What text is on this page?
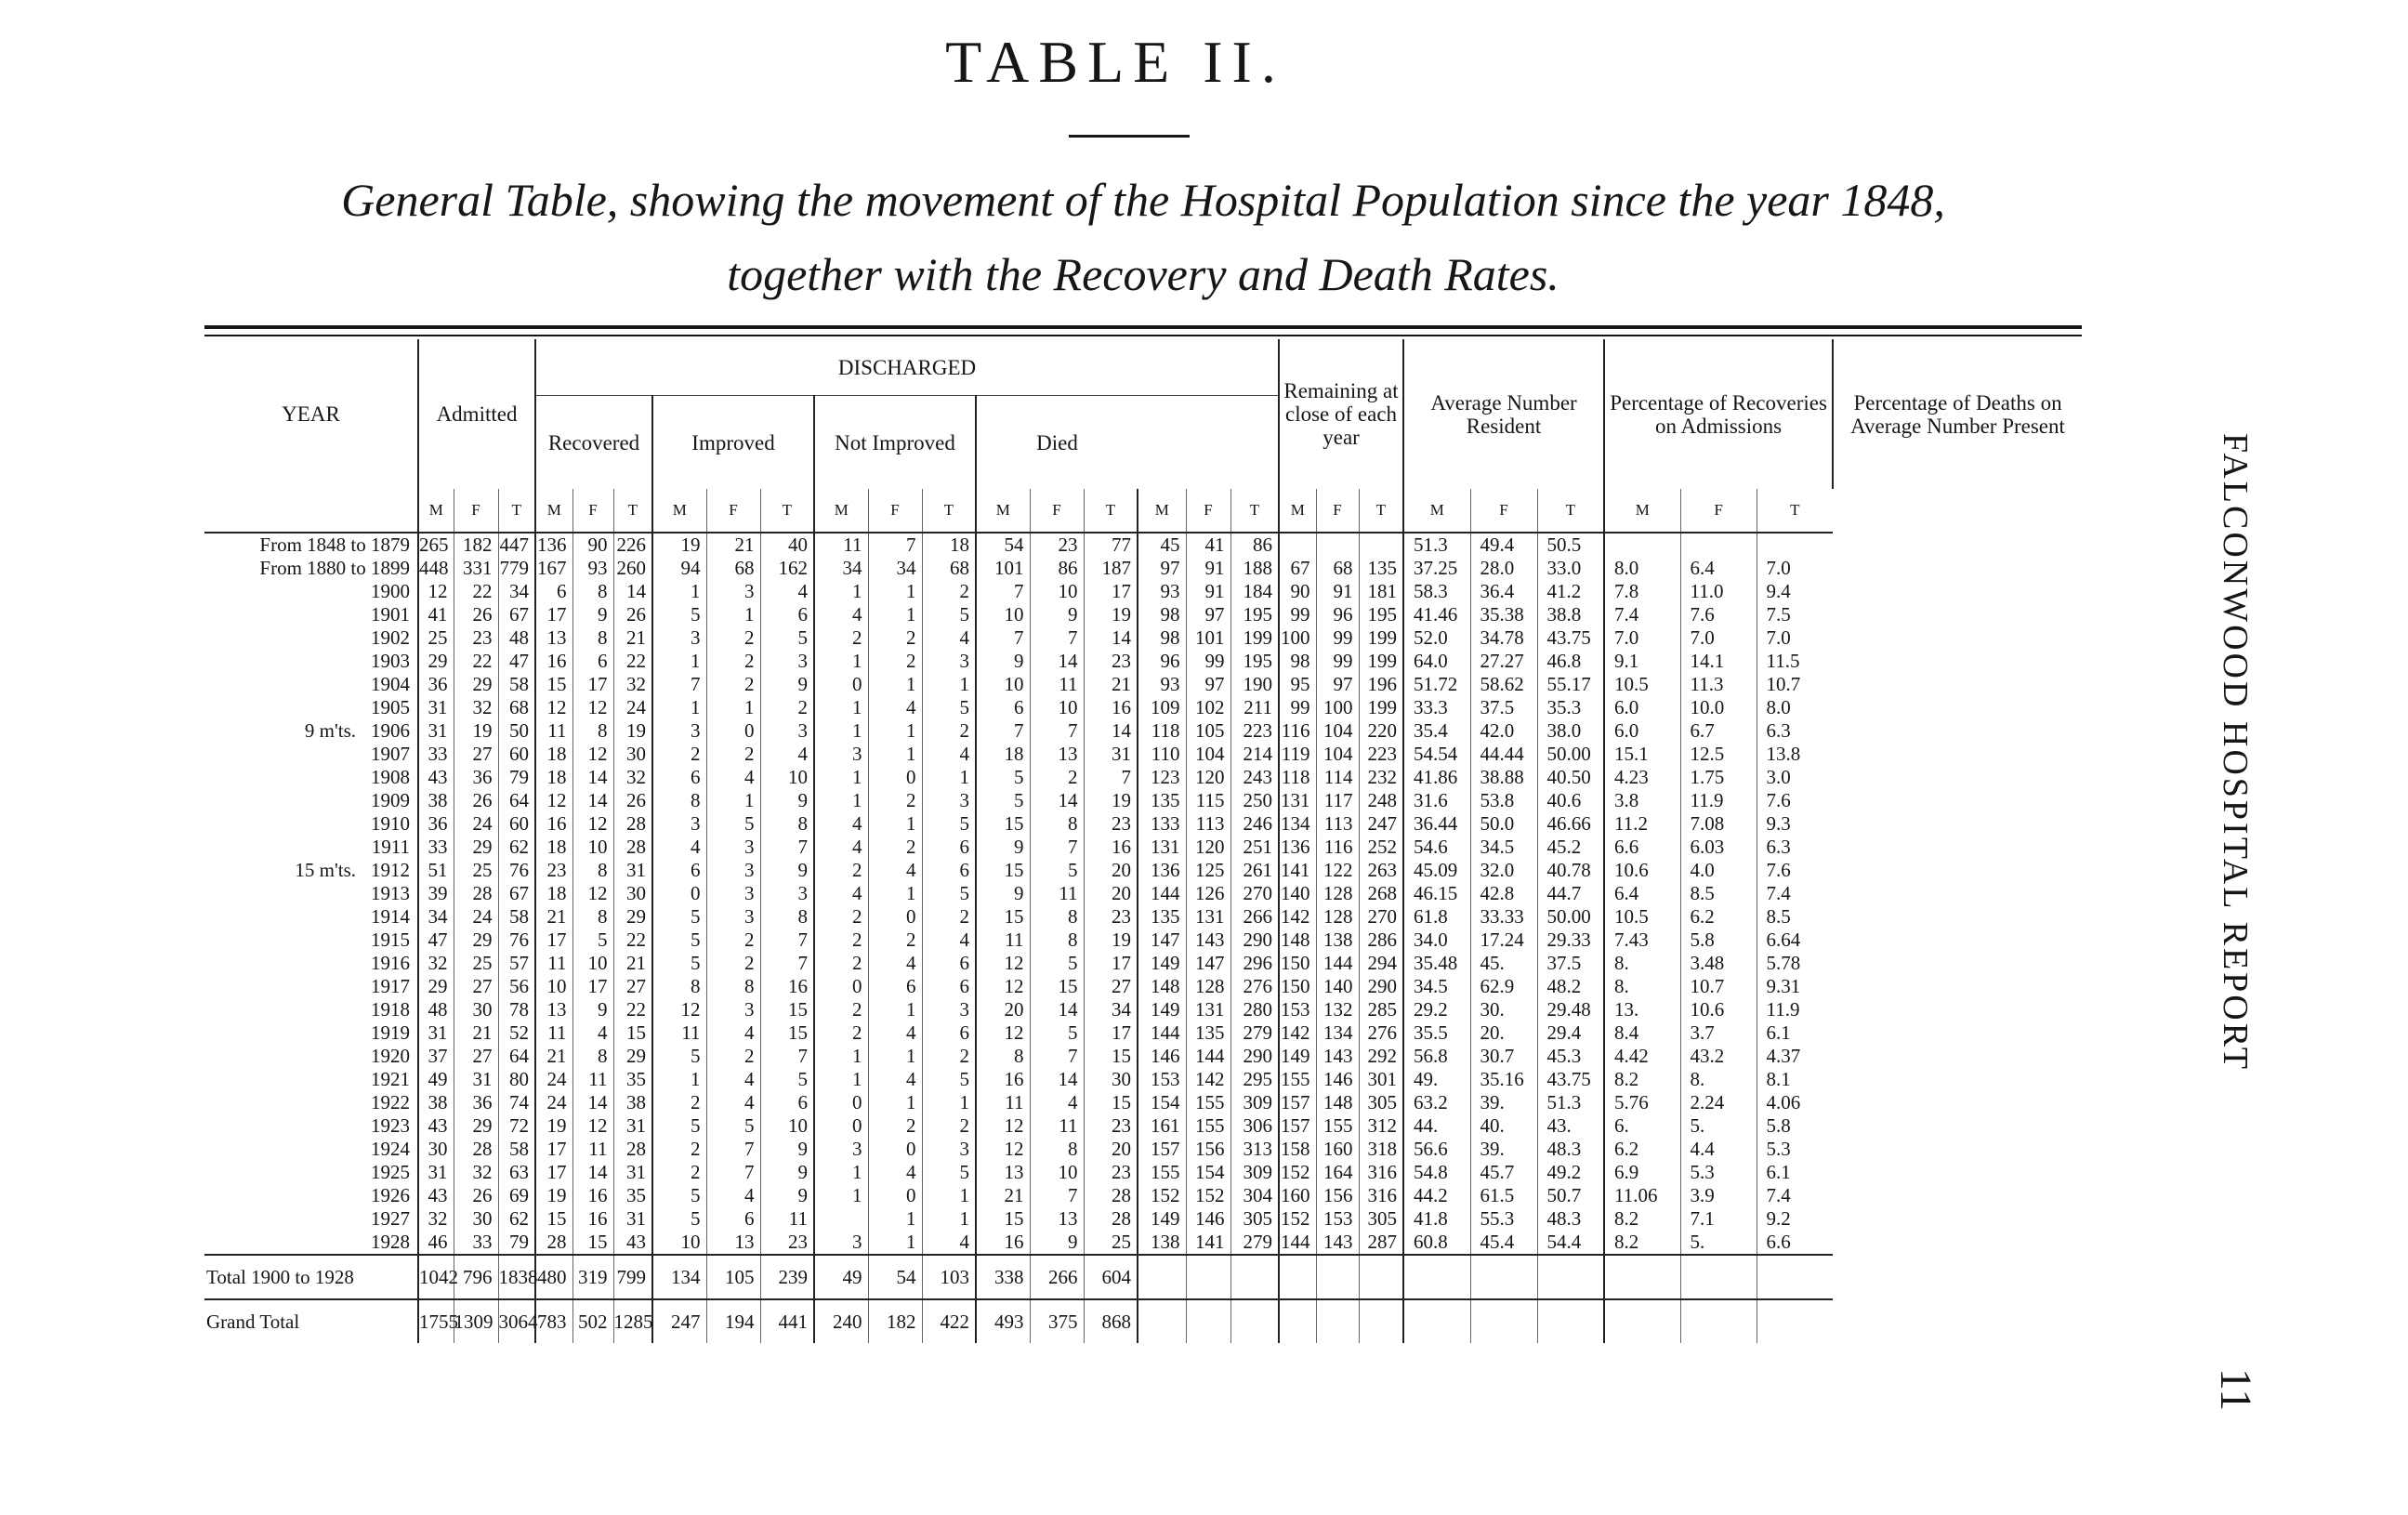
TABLE II.
General Table, showing the movement of the Hospital Population since the year 1848,
together with the Recovery and Death Rates.
FALCONWOOD HOSPITAL REPORT
11
YEAR	Admitted			DISCHARGED															Remaining at close of each year			Average Number Resident			Percentage of Recoveries on Admissions			Percentage of Deaths on Average Number Present
				Recovered			Improved			Not Improved			Died															
	M	F	T	M	F	T	M	F	T	M	F	T	M	F	T	M	F	T	M	F	T	M	F	T	M	F	T	
From 1848 to 1879	265	182	447	136	90	226	19	21	40	11	7	18	54	23	77	45	41	86				51.3	49.4	50.5				
From 1880 to 1899	448	331	779	167	93	260	94	68	162	34	34	68	101	86	187	97	91	188	67	68	135	37.25	28.0	33.0	8.0	6.4	7.0	
1900	12	22	34	6	8	14	1	3	4	1	1	2	7	10	17	93	91	184	90	91	181	58.3	36.4	41.2	7.8	11.0	9.4	
1901	41	26	67	17	9	26	5	1	6	4	1	5	10	9	19	98	97	195	99	96	195	41.46	35.38	38.8	7.4	7.6	7.5	
1902	25	23	48	13	8	21	3	2	5	2	2	4	7	7	14	98	101	199	100	99	199	52.0	34.78	43.75	7.0	7.0	7.0	
1903	29	22	47	16	6	22	1	2	3	1	2	3	9	14	23	96	99	195	98	99	199	64.0	27.27	46.8	9.1	14.1	11.5	
1904	36	29	58	15	17	32	7	2	9	0	1	1	10	11	21	93	97	190	95	97	196	51.72	58.62	55.17	10.5	11.3	10.7	
1905	31	32	68	12	12	24	1	1	2	1	4	5	6	10	16	109	102	211	99	100	199	33.3	37.5	35.3	6.0	10.0	8.0	
9 m'ts. 1906	31	19	50	11	8	19	3	0	3	1	1	2	7	7	14	118	105	223	116	104	220	35.4	42.0	38.0	6.0	6.7	6.3	
1907	33	27	60	18	12	30	2	2	4	3	1	4	18	13	31	110	104	214	119	104	223	54.54	44.44	50.00	15.1	12.5	13.8	
1908	43	36	79	18	14	32	6	4	10	1	0	1	5	2	7	123	120	243	118	114	232	41.86	38.88	40.50	4.23	1.75	3.0	
1909	38	26	64	12	14	26	8	1	9	1	2	3	5	14	19	135	115	250	131	117	248	31.6	53.8	40.6	3.8	11.9	7.6	
1910	36	24	60	16	12	28	3	5	8	4	1	5	15	8	23	133	113	246	134	113	247	36.44	50.0	46.66	11.2	7.08	9.3	
1911	33	29	62	18	10	28	4	3	7	4	2	6	9	7	16	131	120	251	136	116	252	54.6	34.5	45.2	6.6	6.03	6.3	
15 m'ts. 1912	51	25	76	23	8	31	6	3	9	2	4	6	15	5	20	136	125	261	141	122	263	45.09	32.0	40.78	10.6	4.0	7.6	
1913	39	28	67	18	12	30	0	3	3	4	1	5	9	11	20	144	126	270	140	128	268	46.15	42.8	44.7	6.4	8.5	7.4	
1914	34	24	58	21	8	29	5	3	8	2	0	2	15	8	23	135	131	266	142	128	270	61.8	33.33	50.00	10.5	6.2	8.5	
1915	47	29	76	17	5	22	5	2	7	2	2	4	11	8	19	147	143	290	148	138	286	34.0	17.24	29.33	7.43	5.8	6.64	
1916	32	25	57	11	10	21	5	2	7	2	4	6	12	5	17	149	147	296	150	144	294	35.48	45.	37.5	8.	3.48	5.78	
1917	29	27	56	10	17	27	8	8	16	0	6	6	12	15	27	148	128	276	150	140	290	34.5	62.9	48.2	8.	10.7	9.31	
1918	48	30	78	13	9	22	12	3	15	2	1	3	20	14	34	149	131	280	153	132	285	29.2	30.	29.48	13.	10.6	11.9	
1919	31	21	52	11	4	15	11	4	15	2	4	6	12	5	17	144	135	279	142	134	276	35.5	20.	29.4	8.4	3.7	6.1	
1920	37	27	64	21	8	29	5	2	7	1	1	2	8	7	15	146	144	290	149	143	292	56.8	30.7	45.3	4.42	43.2	4.37	
1921	49	31	80	24	11	35	1	4	5	1	4	5	16	14	30	153	142	295	155	146	301	49.	35.16	43.75	8.2	8.	8.1	
1922	38	36	74	24	14	38	2	4	6	0	1	1	11	4	15	154	155	309	157	148	305	63.2	39.	51.3	5.76	2.24	4.06	
1923	43	29	72	19	12	31	5	5	10	0	2	2	12	11	23	161	155	306	157	155	312	44.	40.	43.	6.	5.	5.8	
1924	30	28	58	17	11	28	2	7	9	3	0	3	12	8	20	157	156	313	158	160	318	56.6	39.	48.3	6.2	4.4	5.3	
1925	31	32	63	17	14	31	2	7	9	1	4	5	13	10	23	155	154	309	152	164	316	54.8	45.7	49.2	6.9	5.3	6.1	
1926	43	26	69	19	16	35	5	4	9	1	0	1	21	7	28	152	152	304	160	156	316	44.2	61.5	50.7	11.06	3.9	7.4	
1927	32	30	62	15	16	31	5	6	11		1	1	15	13	28	149	146	305	152	153	305	41.8	55.3	48.3	8.2	7.1	9.2	
1928	46	33	79	28	15	43	10	13	23	3	1	4	16	9	25	138	141	279	144	143	287	60.8	45.4	54.4	8.2	5.	6.6	
Total 1900 to 1928	1042	796	1838	480	319	799	134	105	239	49	54	103	338	266	604													
Grand Total	1755	1309	3064	783	502	1285	247	194	441	240	182	422	493	375	868													
